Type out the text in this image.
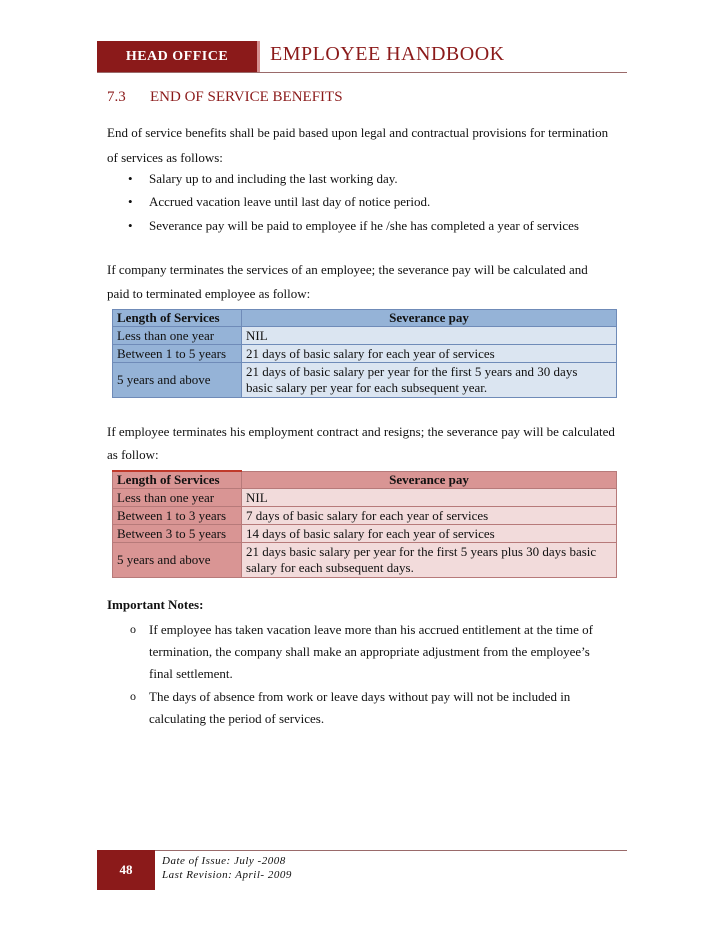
HEAD OFFICE	EMPLOYEE HANDBOOK
7.3 END OF SERVICE BENEFITS
End of service benefits shall be paid based upon legal and contractual provisions for termination
of services as follows:
• Salary up to and including the last working day.
• Accrued vacation leave until last day of notice period.
• Severance pay will be paid to employee if he /she has completed a year of services
If company terminates the services of an employee; the severance pay will be calculated and
paid to terminated employee as follow:
Length of Services	Severance pay
Less than one year	NIL
Between 1 to 5 years	21 days of basic salary for each year of services
5 years and above	21 days of basic salary per year for the first 5 years and 30 days
basic salary per year for each subsequent year.
If employee terminates his employment contract and resigns; the severance pay will be calculated
as follow:
Length of Services	Severance pay
Less than one year	NIL
Between 1 to 3 years	7 days of basic salary for each year of services
Between 3 to 5 years	14 days of basic salary for each year of services
5 years and above	21 days basic salary per year for the first 5 years plus 30 days basic
salary for each subsequent days.
Important Notes:
o If employee has taken vacation leave more than his accrued entitlement at the time of
termination, the company shall make an appropriate adjustment from the employee’s
final settlement.
o The days of absence from work or leave days without pay will not be included in
calculating the period of services.
48
Date of Issue: July -2008
Last Revision: April- 2009
